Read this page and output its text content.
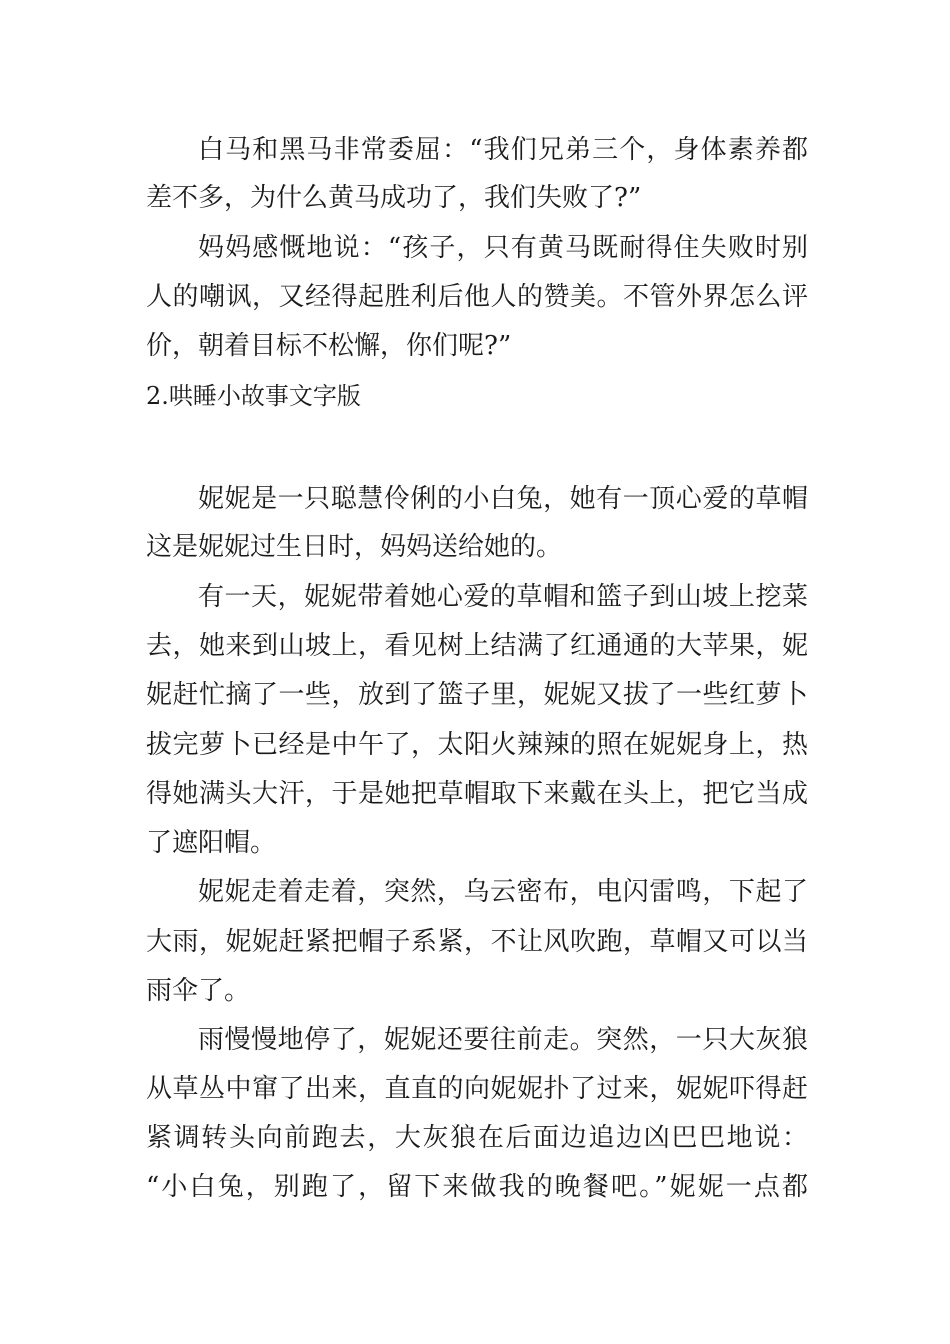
白马和黑马非常委屈：“我们兄弟三个，身体素养都
差不多，为什么黄马成功了，我们失败了?”
妈妈感慨地说：“孩子，只有黄马既耐得住失败时别
人的嘲讽，又经得起胜利后他人的赞美。不管外界怎么评
价，朝着目标不松懈，你们呢?”
2.哄睡小故事文字版
妮妮是一只聪慧伶俐的小白兔，她有一顶心爱的草帽
这是妮妮过生日时，妈妈送给她的。
有一天，妮妮带着她心爱的草帽和篮子到山坡上挖菜
去，她来到山坡上，看见树上结满了红通通的大苹果，妮
妮赶忙摘了一些，放到了篮子里，妮妮又拔了一些红萝卜
拔完萝卜已经是中午了，太阳火辣辣的照在妮妮身上，热
得她满头大汗，于是她把草帽取下来戴在头上，把它当成
了遮阳帽。
妮妮走着走着，突然，乌云密布，电闪雷鸣，下起了
大雨，妮妮赶紧把帽子系紧，不让风吹跑，草帽又可以当
雨伞了。
雨慢慢地停了，妮妮还要往前走。突然，一只大灰狼
从草丛中窜了出来，直直的向妮妮扑了过来，妮妮吓得赶
紧调转头向前跑去，大灰狼在后面边追边凶巴巴地说：
“小白兔，别跑了，留下来做我的晚餐吧。”妮妮一点都
